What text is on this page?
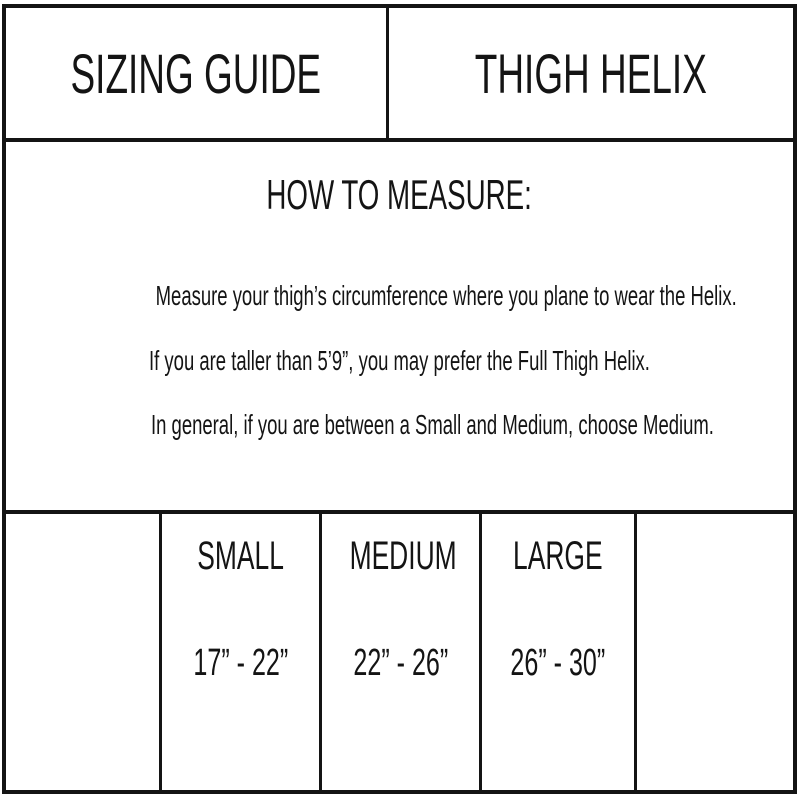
SIZING GUIDE	THIGH HELIX
HOW TO MEASURE:

Measure your thigh’s circumference where you plane to wear the Helix.

If you are taller than 5’9”, you may prefer the Full Thigh Helix.

In general, if you are between a Small and Medium, choose Medium.

SMALL
17” - 22”
MEDIUM
22” - 26”
LARGE
26” - 30”
